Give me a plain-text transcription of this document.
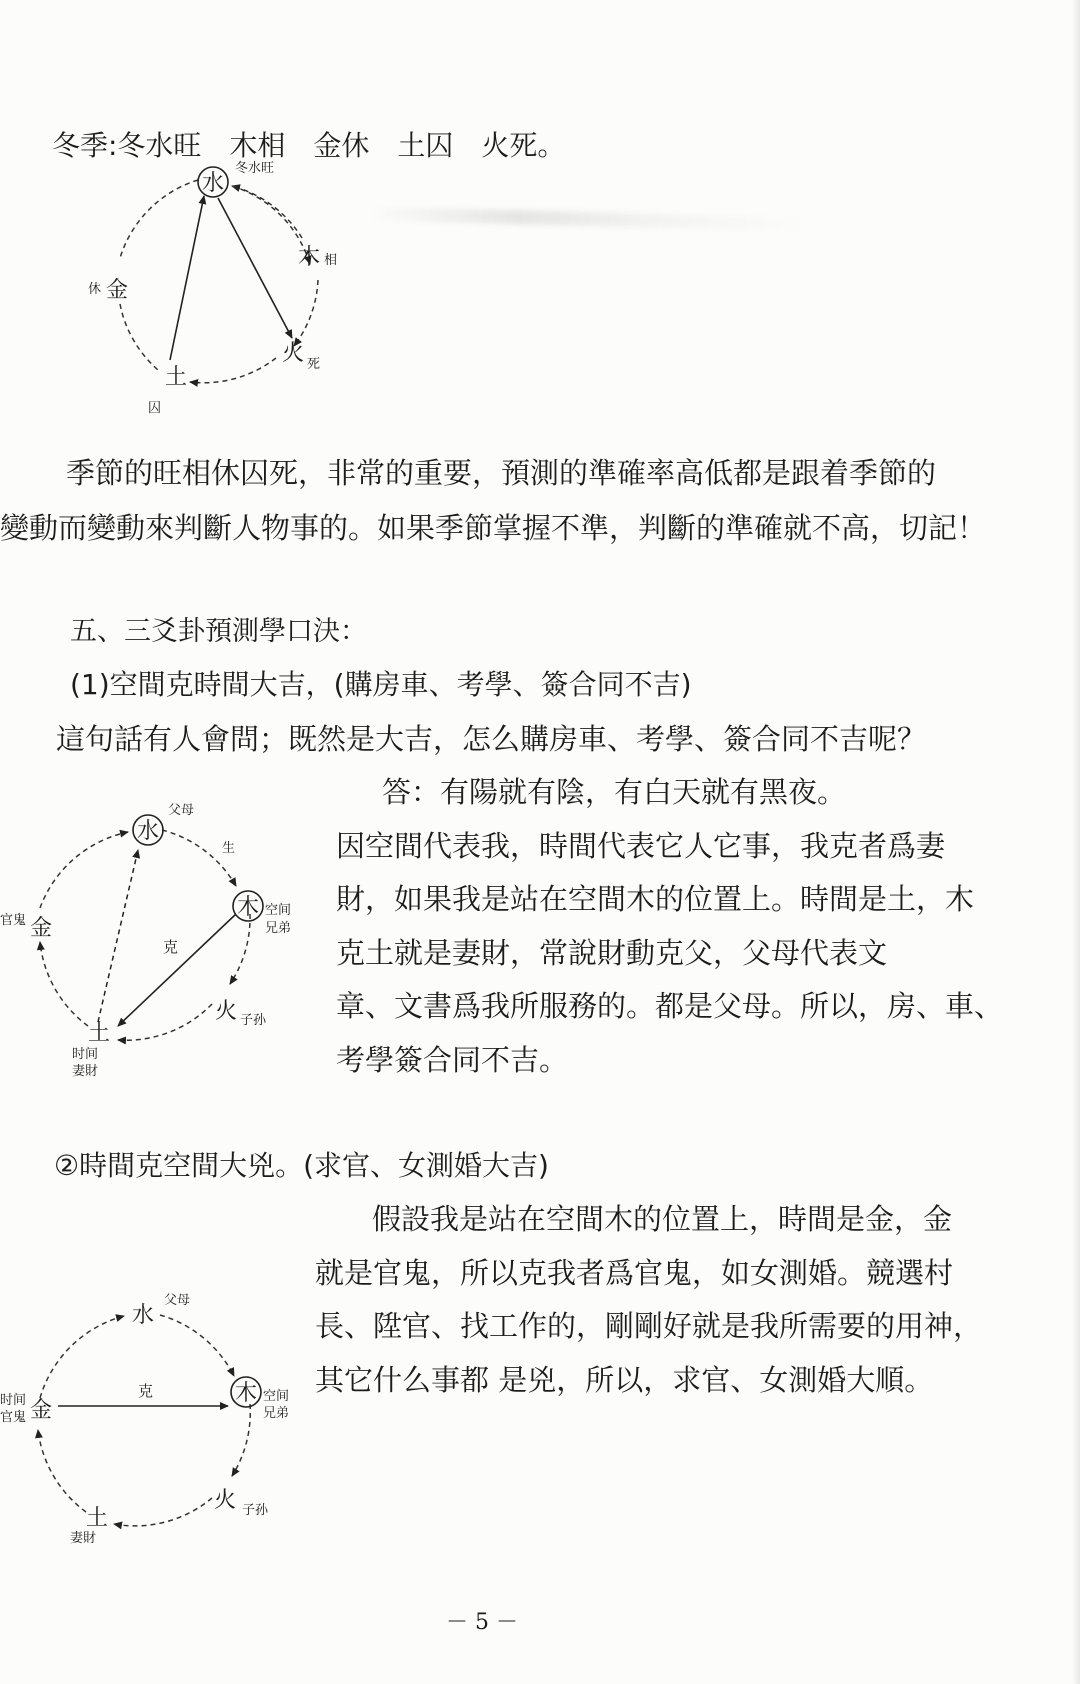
冬季:冬水旺　木相　金休　土囚　火死。
水
冬水旺
木 相
火 死
土
囚
金
休
季節的旺相休囚死，非常的重要，預測的準確率高低都是跟着季節的
變動而變動來判斷人物事的。如果季節掌握不準，判斷的準確就不高，切記！
五、三爻卦預測學口決：
(1)空間克時間大吉，(購房車、考學、簽合同不吉)
這句話有人會問；既然是大吉，怎么購房車、考學、簽合同不吉呢？
答：有陽就有陰，有白天就有黑夜。
因空間代表我，時間代表它人它事，我克者爲妻
財，如果我是站在空間木的位置上。時間是土，木
克土就是妻財，常說財動克父，父母代表文
章、文書爲我所服務的。都是父母。所以，房、車、
考學簽合同不吉。
水
父母
生
木 空间
兄弟
金
官鬼
克
火 子孙
土
时间
妻財
②時間克空間大兇。(求官、女測婚大吉)
假設我是站在空間木的位置上，時間是金，金
就是官鬼，所以克我者爲官鬼，如女測婚。競選村
長、陞官、找工作的，剛剛好就是我所需要的用神，
其它什么事都 是兇，所以，求官、女測婚大順。
水
父母
木 空间
兄弟
金
时间
官鬼
克
火 子孙
土
妻財
－ 5 －
